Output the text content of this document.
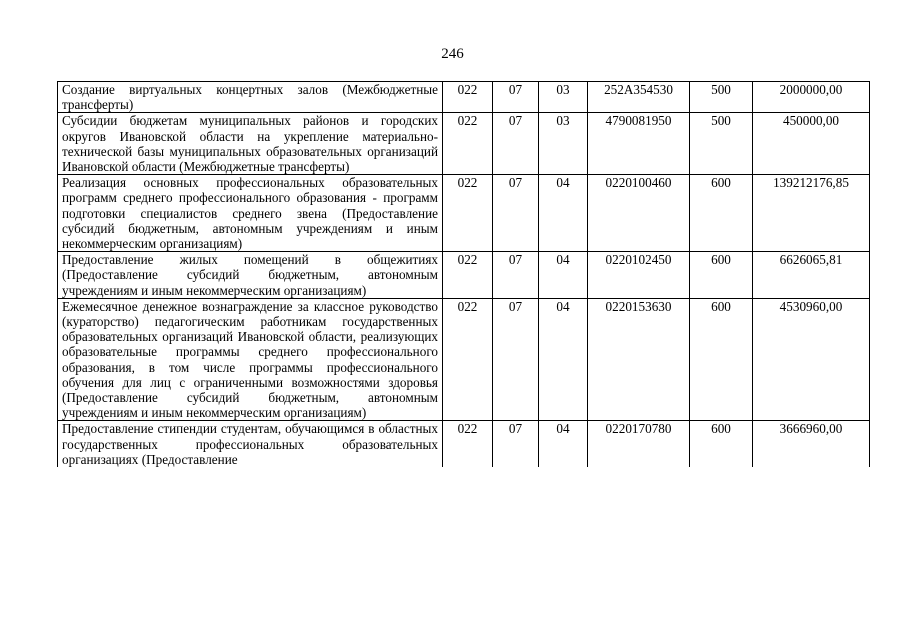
246
Создание виртуальных концертных залов (Межбюджетные трансферты)	022	07	03	252A354530	500	2000000,00
Субсидии бюджетам муниципальных районов и городских округов Ивановской области на укрепление материально-технической базы муниципальных образовательных организаций Ивановской области (Межбюджетные трансферты)	022	07	03	4790081950	500	450000,00
Реализация основных профессиональных образовательных программ среднего профессионального образования - программ подготовки специалистов среднего звена (Предоставление субсидий бюджетным, автономным учреждениям и иным некоммерческим организациям)	022	07	04	0220100460	600	139212176,85
Предоставление жилых помещений в общежитиях (Предоставление субсидий бюджетным, автономным учреждениям и иным некоммерческим организациям)	022	07	04	0220102450	600	6626065,81
Ежемесячное денежное вознаграждение за классное руководство (кураторство) педагогическим работникам государственных образовательных организаций Ивановской области, реализующих образовательные программы среднего профессионального образования, в том числе программы профессионального обучения для лиц с ограниченными возможностями здоровья (Предоставление субсидий бюджетным, автономным учреждениям и иным некоммерческим организациям)	022	07	04	0220153630	600	4530960,00
Предоставление стипендии студентам, обучающимся в областных государственных профессиональных образовательных организациях (Предоставление	022	07	04	0220170780	600	3666960,00
